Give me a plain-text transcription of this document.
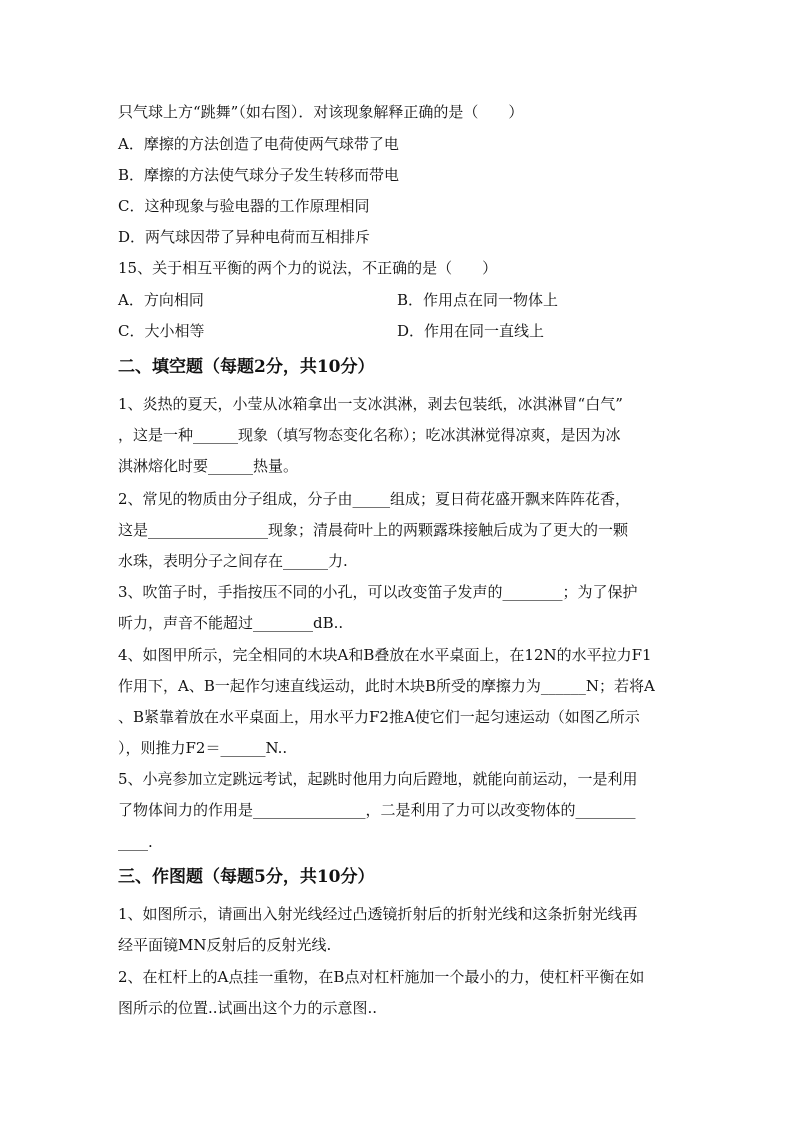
只气球上方“跳舞”（如右图）．对该现象解释正确的是（　　）
A．摩擦的方法创造了电荷使两气球带了电
B．摩擦的方法使气球分子发生转移而带电
C．这种现象与验电器的工作原理相同
D．两气球因带了异种电荷而互相排斥
15、关于相互平衡的两个力的说法，不正确的是（　　）
A．方向相同	B．作用点在同一物体上
C．大小相等	D．作用在同一直线上
二、填空题（每题2分，共10分）
1、炎热的夏天，小莹从冰箱拿出一支冰淇淋，剥去包装纸，冰淇淋冒“白气”
，这是一种______现象（填写物态变化名称）；吃冰淇淋觉得凉爽，是因为冰
淇淋熔化时要______热量。
2、常见的物质由分子组成，分子由_____组成；夏日荷花盛开飘来阵阵花香，
这是________________现象；清晨荷叶上的两颗露珠接触后成为了更大的一颗
水珠，表明分子之间存在______力.
3、吹笛子时，手指按压不同的小孔，可以改变笛子发声的________；为了保护
听力，声音不能超过________dB..
4、如图甲所示，完全相同的木块A和B叠放在水平桌面上，在12N的水平拉力F1
作用下，A、B一起作匀速直线运动，此时木块B所受的摩擦力为______N；若将A
、B紧靠着放在水平桌面上，用水平力F2推A使它们一起匀速运动（如图乙所示
），则推力F2＝______N..
5、小亮参加立定跳远考试，起跳时他用力向后蹬地，就能向前运动，一是利用
了物体间力的作用是_______________，二是利用了力可以改变物体的________
____.
三、作图题（每题5分，共10分）
1、如图所示，请画出入射光线经过凸透镜折射后的折射光线和这条折射光线再
经平面镜MN反射后的反射光线.
2、在杠杆上的A点挂一重物，在B点对杠杆施加一个最小的力，使杠杆平衡在如
图所示的位置..试画出这个力的示意图..
